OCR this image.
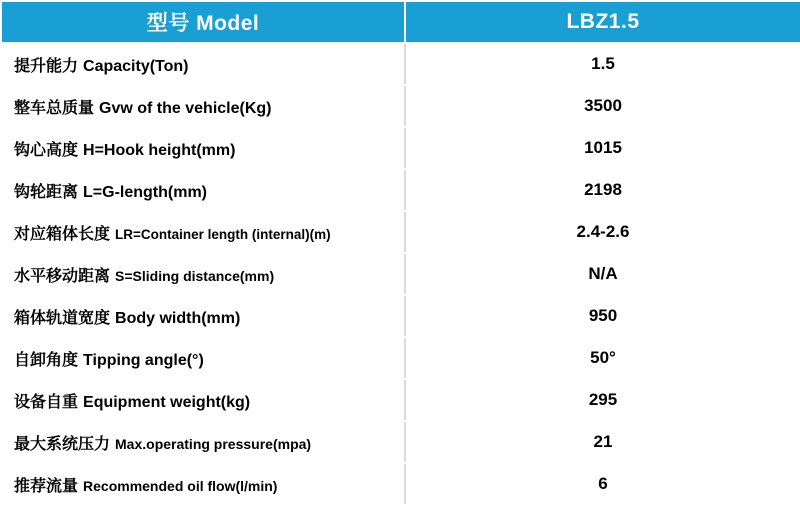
型号 Model	LBZ1.5
提升能力 Capacity(Ton)	1.5
整车总质量 Gvw of the vehicle(Kg)	3500
钩心高度 H=Hook height(mm)	1015
钩轮距离 L=G-length(mm)	2198
对应箱体长度 LR=Container length (internal)(m)	2.4-2.6
水平移动距离 S=Sliding distance(mm)	N/A
箱体轨道宽度 Body width(mm)	950
自卸角度 Tipping angle(°)	50°
设备自重 Equipment weight(kg)	295
最大系统压力 Max.operating pressure(mpa)	21
推荐流量 Recommended oil flow(l/min)	6
